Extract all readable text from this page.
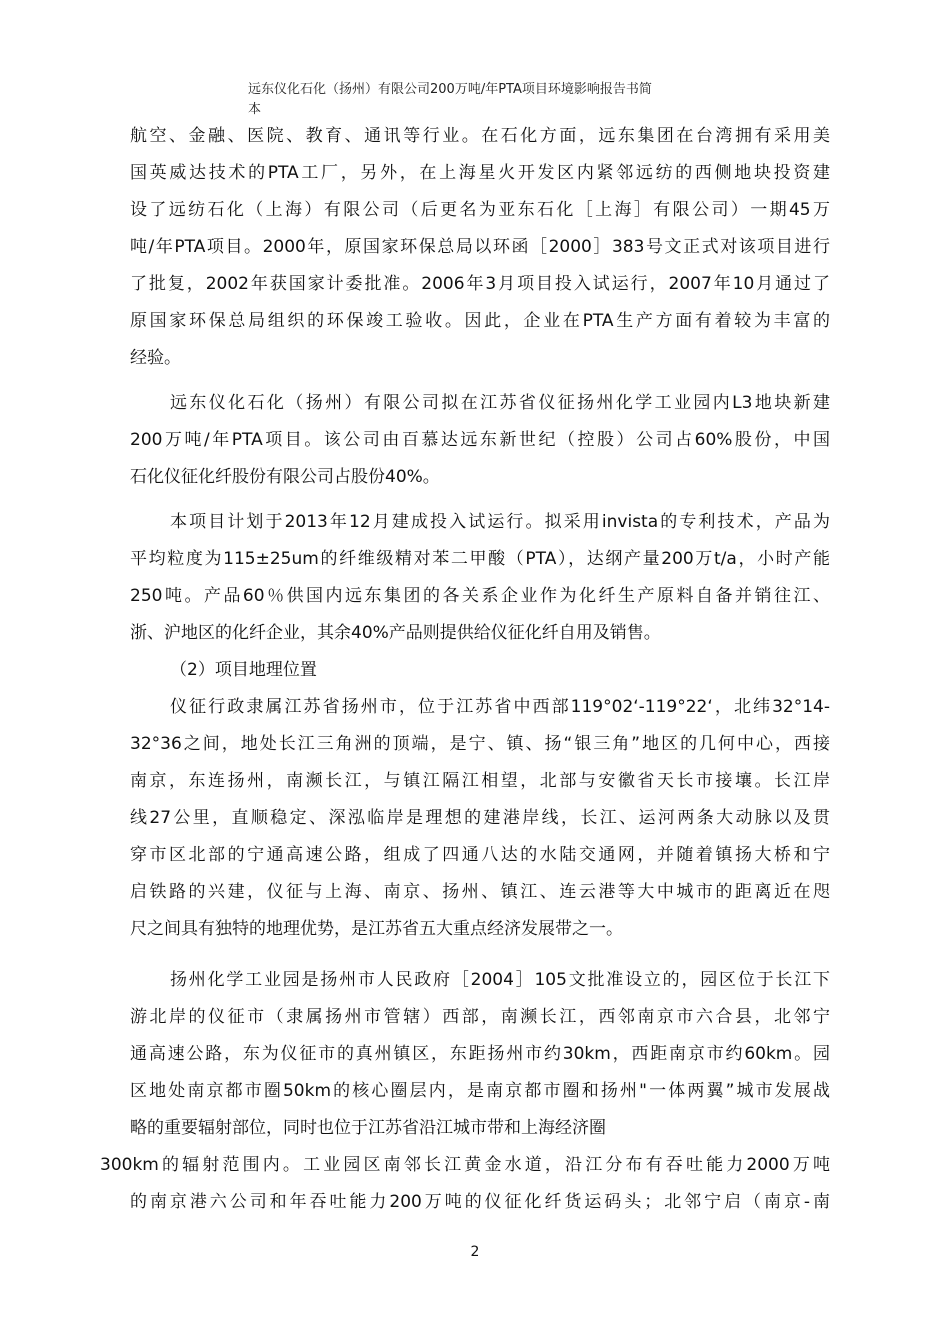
远东仪化石化（扬州）有限公司200万吨/年PTA项目环境影响报告书简
本
航空、金融、医院、教育、通讯等行业。在石化方面，远东集团在台湾拥有采用美
国英威达技术的PTA工厂，另外，在上海星火开发区内紧邻远纺的西侧地块投资建
设了远纺石化（上海）有限公司（后更名为亚东石化［上海］有限公司）一期45万
吨/年PTA项目。2000年，原国家环保总局以环函［2000］383号文正式对该项目进行
了批复，2002年获国家计委批准。2006年3月项目投入试运行，2007年10月通过了
原国家环保总局组织的环保竣工验收。因此，企业在PTA生产方面有着较为丰富的
经验。
远东仪化石化（扬州）有限公司拟在江苏省仪征扬州化学工业园内L3地块新建
200万吨/年PTA项目。该公司由百慕达远东新世纪（控股）公司占60%股份，中国
石化仪征化纤股份有限公司占股份40%。
本项目计划于2013年12月建成投入试运行。拟采用invista的专利技术，产品为
平均粒度为115±25um的纤维级精对苯二甲酸（PTA），达纲产量200万t/a，小时产能
250吨。产品60％供国内远东集团的各关系企业作为化纤生产原料自备并销往江、
浙、沪地区的化纤企业，其余40%产品则提供给仪征化纤自用及销售。
（2）项目地理位置
仪征行政隶属江苏省扬州市，位于江苏省中西部119°02‘-119°22‘，北纬32°14-
32°36之间，地处长江三角洲的顶端，是宁、镇、扬“银三角”地区的几何中心，西接
南京，东连扬州，南濒长江，与镇江隔江相望，北部与安徽省天长市接壤。长江岸
线27公里，直顺稳定、深泓临岸是理想的建港岸线，长江、运河两条大动脉以及贯
穿市区北部的宁通高速公路，组成了四通八达的水陆交通网，并随着镇扬大桥和宁
启铁路的兴建，仪征与上海、南京、扬州、镇江、连云港等大中城市的距离近在咫
尺之间具有独特的地理优势，是江苏省五大重点经济发展带之一。
扬州化学工业园是扬州市人民政府［2004］105文批准设立的，园区位于长江下
游北岸的仪征市（隶属扬州市管辖）西部，南濒长江，西邻南京市六合县，北邻宁
通高速公路，东为仪征市的真州镇区，东距扬州市约30km，西距南京市约60km。园
区地处南京都市圈50km的核心圈层内，是南京都市圈和扬州"一体两翼”城市发展战
略的重要辐射部位，同时也位于江苏省沿江城市带和上海经济圈
300km的辐射范围内。工业园区南邻长江黄金水道，沿江分布有吞吐能力2000万吨
的南京港六公司和年吞吐能力200万吨的仪征化纤货运码头；北邻宁启（南京-南
2
